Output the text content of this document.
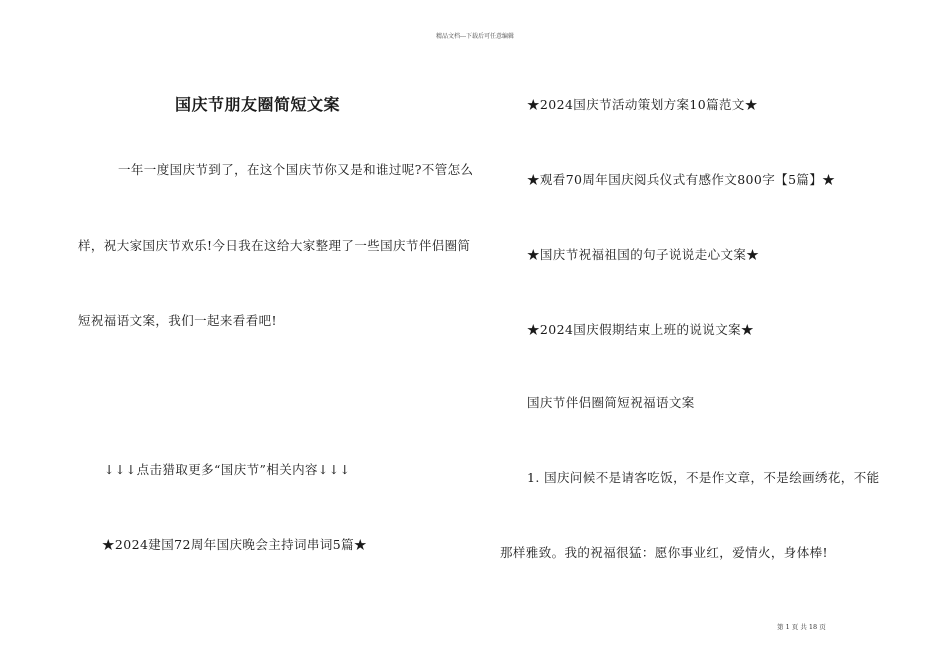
精品文档---下载后可任意编辑
国庆节朋友圈简短文案
一年一度国庆节到了，在这个国庆节你又是和谁过呢?不管怎么
样，祝大家国庆节欢乐!今日我在这给大家整理了一些国庆节伴侣圈简
短祝福语文案，我们一起来看看吧!
↓↓↓点击猎取更多“国庆节”相关内容↓↓↓
★2024建国72周年国庆晚会主持词串词5篇★
★2024国庆节活动策划方案10篇范文★
★观看70周年国庆阅兵仪式有感作文800字【5篇】★
★国庆节祝福祖国的句子说说走心文案★
★2024国庆假期结束上班的说说文案★
国庆节伴侣圈简短祝福语文案
1. 国庆问候不是请客吃饭，不是作文章，不是绘画绣花，不能
那样雅致。我的祝福很猛：愿你事业红，爱情火，身体棒!
第 1 页 共 18 页
